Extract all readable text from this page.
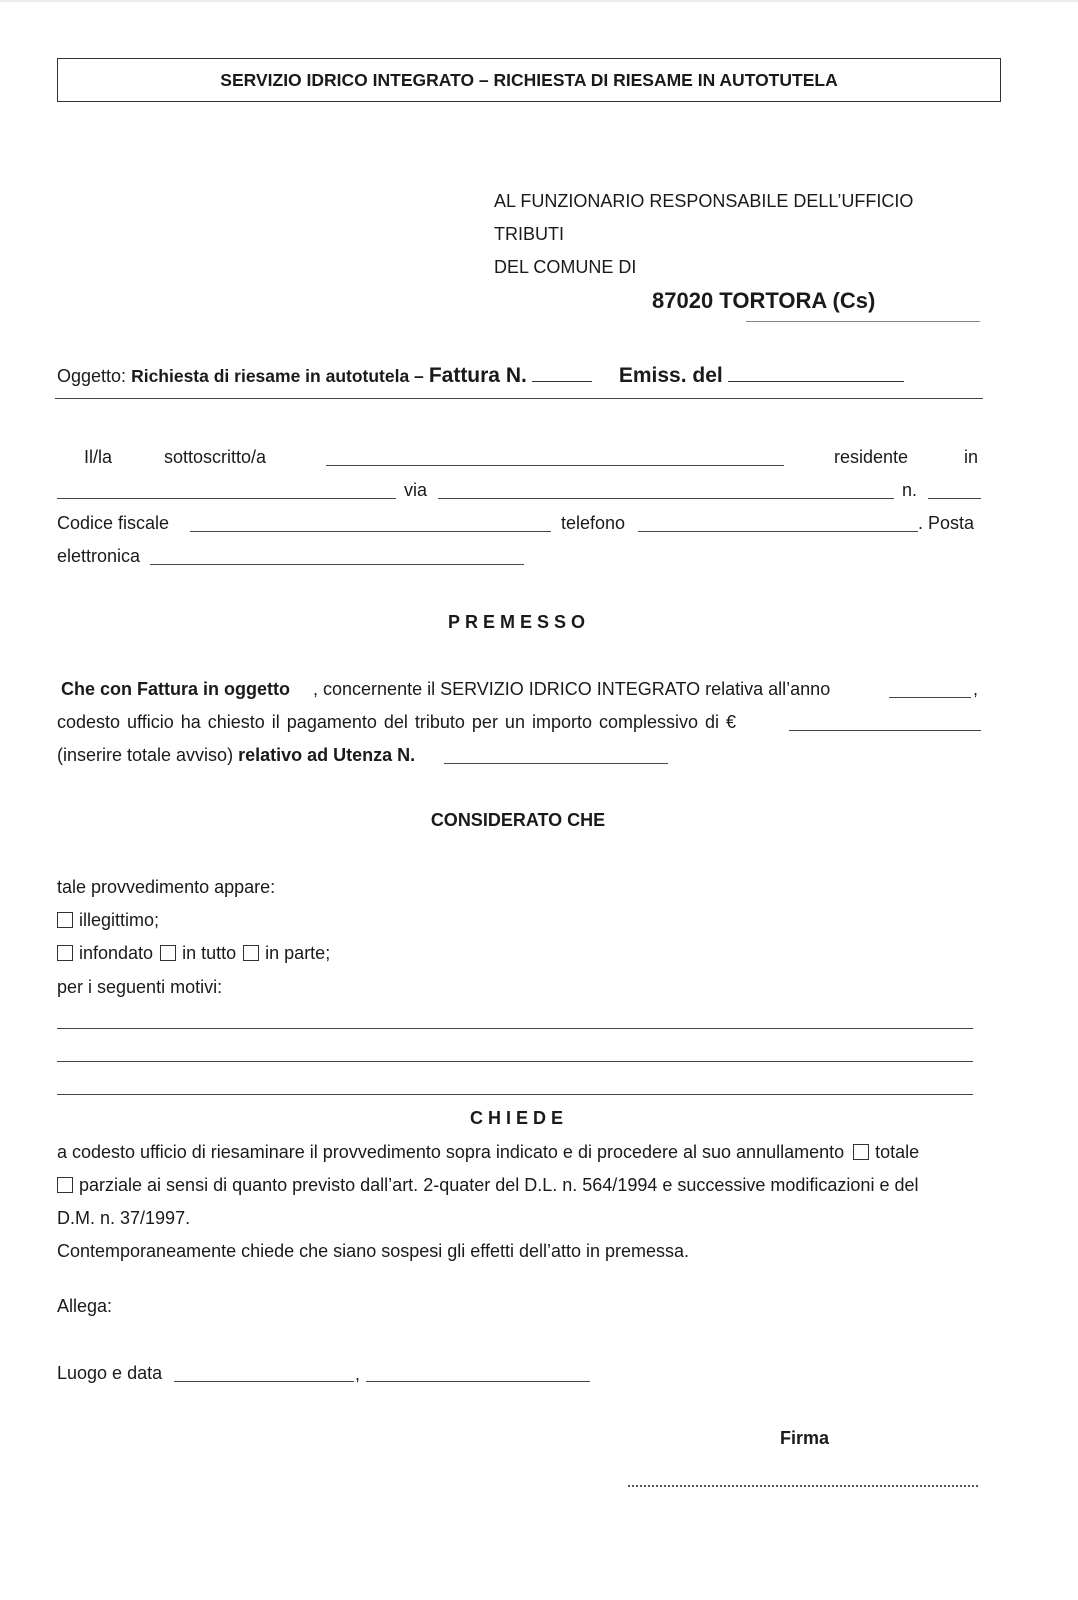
SERVIZIO IDRICO INTEGRATO – RICHIESTA DI RIESAME IN AUTOTUTELA
AL FUNZIONARIO RESPONSABILE DELL’UFFICIO
TRIBUTI
DEL COMUNE DI
87020 TORTORA (Cs)
Oggetto: Richiesta di riesame in autotutela – Fattura N.	Emiss. del
Il/la	sottoscritto/a	residente	in
via	n.
Codice fiscale	telefono	. Posta
elettronica
PREMESSO
Che con Fattura in oggetto , concernente il SERVIZIO IDRICO INTEGRATO relativa all’anno	,
codesto ufficio ha chiesto il pagamento del tributo per un importo complessivo di €
(inserire totale avviso) relativo ad Utenza N.
CONSIDERATO CHE
tale provvedimento appare:
illegittimo;
infondato in tutto in parte;
per i seguenti motivi:
CHIEDE
a codesto ufficio di riesaminare il provvedimento sopra indicato e di procedere al suo annullamento totale
parziale ai sensi di quanto previsto dall’art. 2-quater del D.L. n. 564/1994 e successive modificazioni e del
D.M. n. 37/1997.
Contemporaneamente chiede che siano sospesi gli effetti dell’atto in premessa.
Allega:
Luogo e data	,
Firma
